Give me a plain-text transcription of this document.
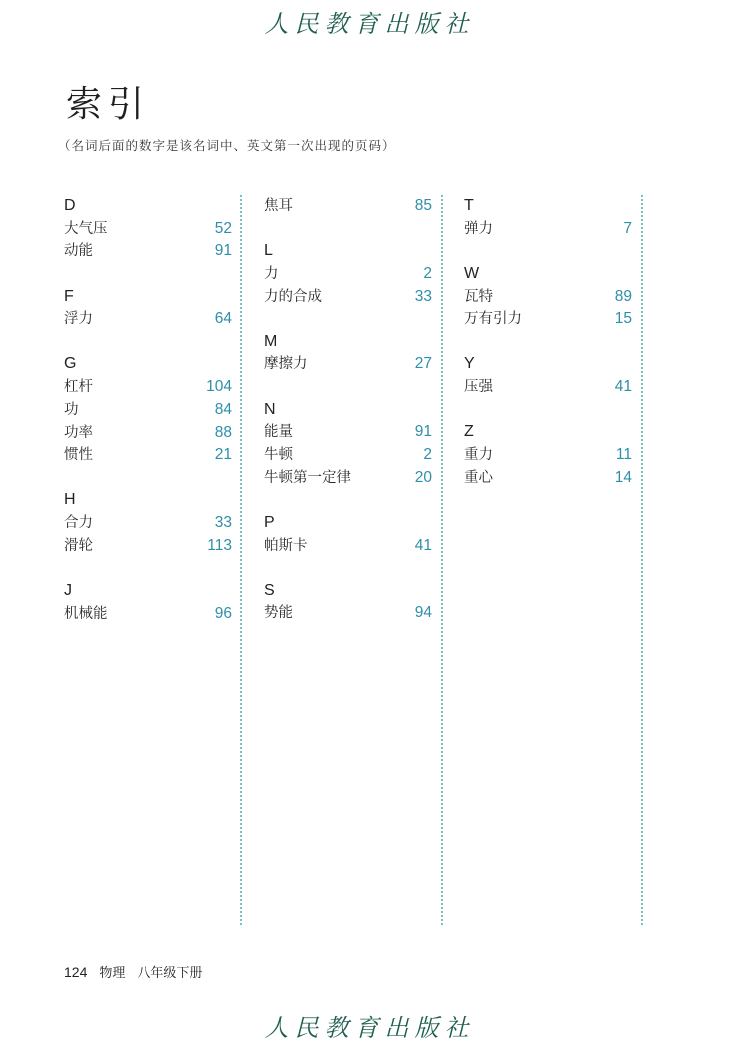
人民教育出版社
索引
（名词后面的数字是该名词中、英文第一次出现的页码）
D
大气压	52
动能	91
F
浮力	64
G
杠杆	104
功	84
功率	88
惯性	21
H
合力	33
滑轮	113
J
机械能	96
焦耳	85
L
力	2
力的合成	33
M
摩擦力	27
N
能量	91
牛顿	2
牛顿第一定律	20
P
帕斯卡	41
S
势能	94
T
弹力	7
W
瓦特	89
万有引力	15
Y
压强	41
Z
重力	11
重心	14
124 物理 八年级下册
人民教育出版社
